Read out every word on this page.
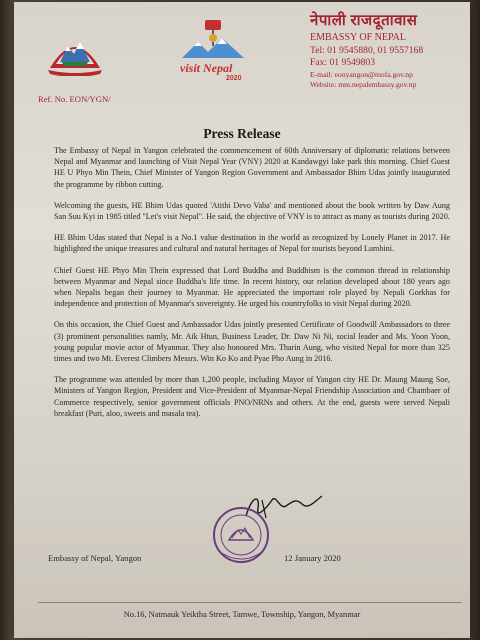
visit Nepal
2020
नेपाली राजदूतावास
EMBASSY OF NEPAL
Tel: 01 9545880, 01 9557168
Fax: 01 9549803
E-mail: eonyangon@mofa.gov.np
Website: mm.nepalembassy.gov.np
Ref. No. EON/YGN/
Press Release

The Embassy of Nepal in Yangon celebrated the commencement of 60th Anniversary of diplomatic relations between Nepal and Myanmar and launching of Visit Nepal Year (VNY) 2020 at Kandawgyi lake park this morning. Chief Guest HE U Phyo Min Thein, Chief Minister of Yangon Region Government and Ambassador Bhim Udas jointly inaugurated the programme by ribbon cutting.

Welcoming the guests, HE Bhim Udas quoted 'Atithi Devo Vaba' and mentioned about the book written by Daw Aung San Suu Kyi in 1985 titled "Let's visit Nepal". He said, the objective of VNY is to attract as many as tourists during 2020.

HE Bhim Udas stated that Nepal is a No.1 value destination in the world as recognized by Lonely Planet in 2017. He highlighted the unique treasures and cultural and natural heritages of Nepal for tourists beyond Lumbini.

Chief Guest HE Phyo Min Thein expressed that Lord Buddha and Buddhism is the common thread in relationship between Myanmar and Nepal since Buddha's life time. In recent history, our relation developed about 180 years ago when Nepalis began their journey to Myanmar. He appreciated the important role played by Nepali Gorkhas for independence and protection of Myanmar's sovereignty. He urged his countryfolks to visit Nepal during 2020.

On this occasion, the Chief Guest and Ambassador Udas jointly presented Certificate of Goodwill Ambassadors to three (3) prominent personalities namly, Mr. Aik Htun, Business Leader, Dr. Daw Ni Ni, social leader and Ms. Yoon Yoon, young popular movie actor of Myanmar. They also honoured Mrs. Tharin Aung, who visited Nepal for more than 325 times and two Mt. Everest Climbers Messrs. Win Ko Ko and Pyae Pho Aung in 2016.

The programme was attended by more than 1,200 people, including Mayor of Yangon city HE Dr. Maung Maung Soe, Ministers of Yangon Region, President and Vice-President of Myanmar-Nepal Friendship Association and Chambaer of Commerce respectively, senior government officials PNO/NRNs and others. At the end, guests were served Nepali breakfast (Puri, aloo, sweets and masala tea).

Embassy of Nepal, Yangon	12 January 2020
No.16, Natmauk Yeiktha Street, Tamwe, Township, Yangon, Myanmar
